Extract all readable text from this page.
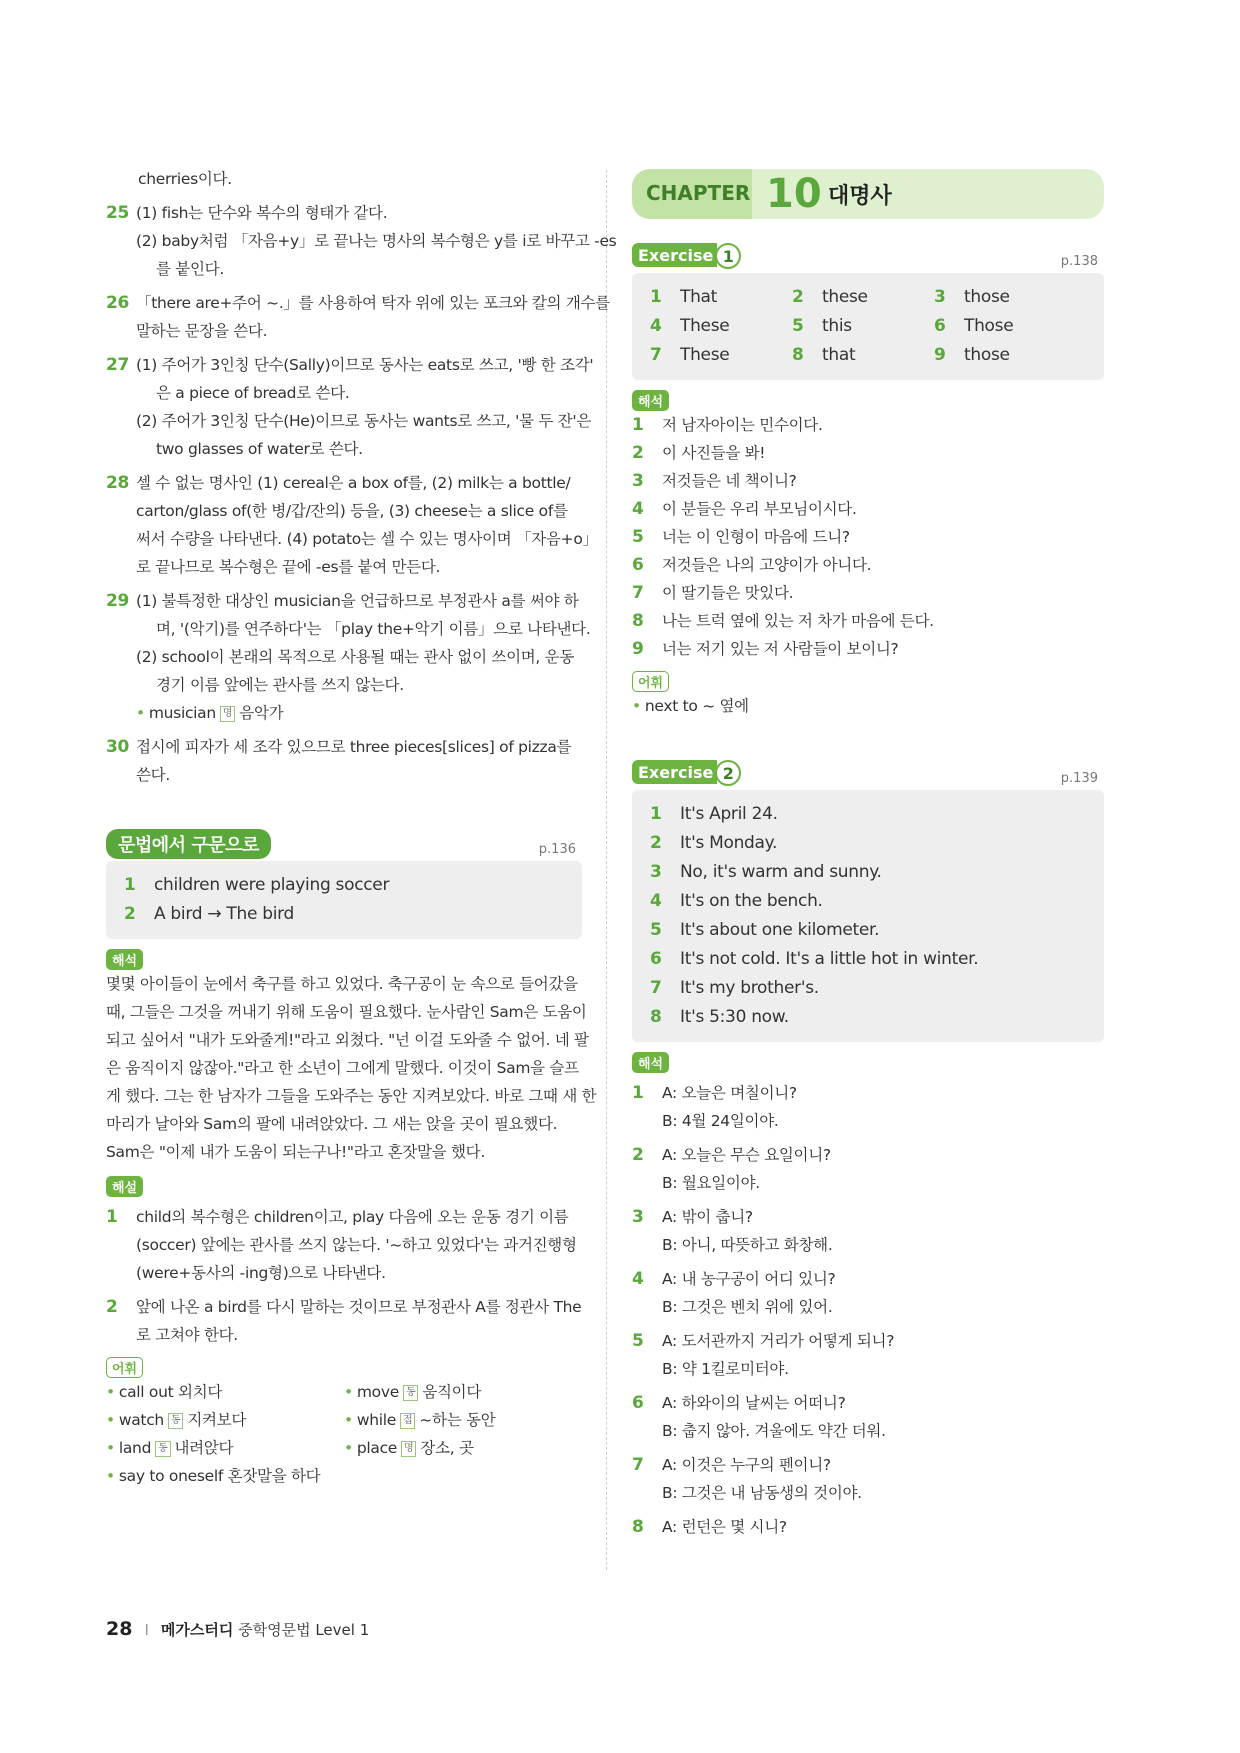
cherries이다.
25 (1) fish는 단수와 복수의 형태가 같다.
(2) baby처럼 「자음+y」로 끝나는 명사의 복수형은 y를 i로 바꾸고 -es
를 붙인다.
26 「there are+주어 ~.」를 사용하여 탁자 위에 있는 포크와 칼의 개수를
말하는 문장을 쓴다.
27 (1) 주어가 3인칭 단수(Sally)이므로 동사는 eats로 쓰고, '빵 한 조각'
은 a piece of bread로 쓴다.
(2) 주어가 3인칭 단수(He)이므로 동사는 wants로 쓰고, '물 두 잔'은
two glasses of water로 쓴다.
28 셀 수 없는 명사인 (1) cereal은 a box of를, (2) milk는 a bottle/
carton/glass of(한 병/갑/잔의) 등을, (3) cheese는 a slice of를
써서 수량을 나타낸다. (4) potato는 셀 수 있는 명사이며 「자음+o」
로 끝나므로 복수형은 끝에 -es를 붙여 만든다.
29 (1) 불특정한 대상인 musician을 언급하므로 부정관사 a를 써야 하
며, '(악기)를 연주하다'는 「play the+악기 이름」으로 나타낸다.
(2) school이 본래의 목적으로 사용될 때는 관사 없이 쓰이며, 운동
경기 이름 앞에는 관사를 쓰지 않는다.
• musician 명 음악가
30 접시에 피자가 세 조각 있으므로 three pieces[slices] of pizza를
쓴다.
문법에서 구문으로	p.136
1 children were playing soccer
2 A bird → The bird
해석
몇몇 아이들이 눈에서 축구를 하고 있었다. 축구공이 눈 속으로 들어갔을
때, 그들은 그것을 꺼내기 위해 도움이 필요했다. 눈사람인 Sam은 도움이
되고 싶어서 "내가 도와줄게!"라고 외쳤다. "넌 이걸 도와줄 수 없어. 네 팔
은 움직이지 않잖아."라고 한 소년이 그에게 말했다. 이것이 Sam을 슬프
게 했다. 그는 한 남자가 그들을 도와주는 동안 지켜보았다. 바로 그때 새 한
마리가 날아와 Sam의 팔에 내려앉았다. 그 새는 앉을 곳이 필요했다.
Sam은 "이제 내가 도움이 되는구나!"라고 혼잣말을 했다.
해설
1 child의 복수형은 children이고, play 다음에 오는 운동 경기 이름
(soccer) 앞에는 관사를 쓰지 않는다. '~하고 있었다'는 과거진행형
(were+동사의 -ing형)으로 나타낸다.
2 앞에 나온 a bird를 다시 말하는 것이므로 부정관사 A를 정관사 The
로 고쳐야 한다.
어휘
• call out 외치다
• watch 동 지켜보다
• land 동 내려앉다
• say to oneself 혼잣말을 하다
• move 동 움직이다
• while 접 ~하는 동안
• place 명 장소, 곳
CHAPTER 10 대명사
Exercise 1	p.138
1 That	2 these	3 those
4 These	5 this	6 Those
7 These	8 that	9 those
해석
1 저 남자아이는 민수이다.
2 이 사진들을 봐!
3 저것들은 네 책이니?
4 이 분들은 우리 부모님이시다.
5 너는 이 인형이 마음에 드니?
6 저것들은 나의 고양이가 아니다.
7 이 딸기들은 맛있다.
8 나는 트럭 옆에 있는 저 차가 마음에 든다.
9 너는 저기 있는 저 사람들이 보이니?
어휘
• next to ~ 옆에
Exercise 2	p.139
1 It's April 24.
2 It's Monday.
3 No, it's warm and sunny.
4 It's on the bench.
5 It's about one kilometer.
6 It's not cold. It's a little hot in winter.
7 It's my brother's.
8 It's 5:30 now.
해석
1 A: 오늘은 며칠이니?
B: 4월 24일이야.
2 A: 오늘은 무슨 요일이니?
B: 월요일이야.
3 A: 밖이 춥니?
B: 아니, 따뜻하고 화창해.
4 A: 내 농구공이 어디 있니?
B: 그것은 벤치 위에 있어.
5 A: 도서관까지 거리가 어떻게 되니?
B: 약 1킬로미터야.
6 A: 하와이의 날씨는 어떠니?
B: 춥지 않아. 겨울에도 약간 더워.
7 A: 이것은 누구의 펜이니?
B: 그것은 내 남동생의 것이야.
8 A: 런던은 몇 시니?
28 I 메가스터디 중학영문법 Level 1
